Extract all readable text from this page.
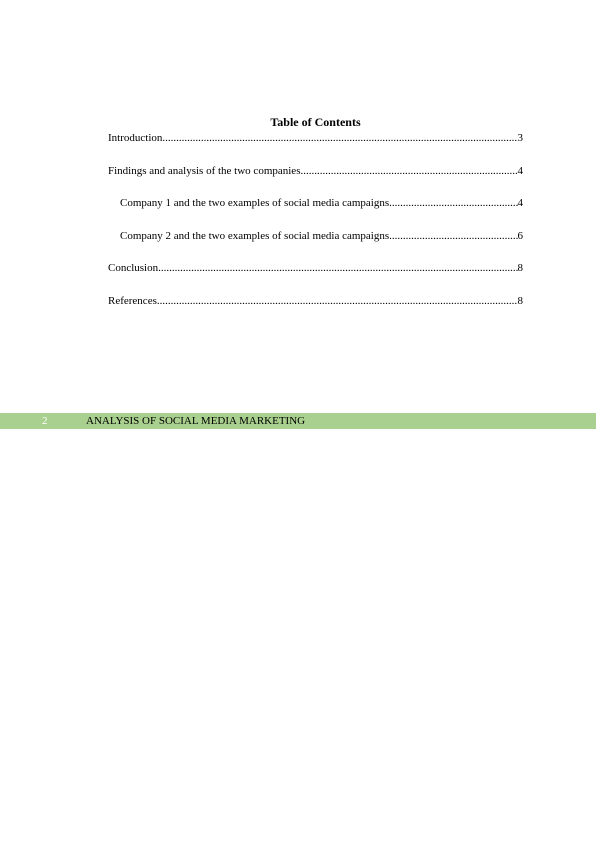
Table of Contents
Introduction .....	3
Findings and analysis of the two companies .....	4
Company 1 and the two examples of social media campaigns .....	4
Company 2 and the two examples of social media campaigns .....	6
Conclusion .....	8
References .....	8
2	ANALYSIS OF SOCIAL MEDIA MARKETING
